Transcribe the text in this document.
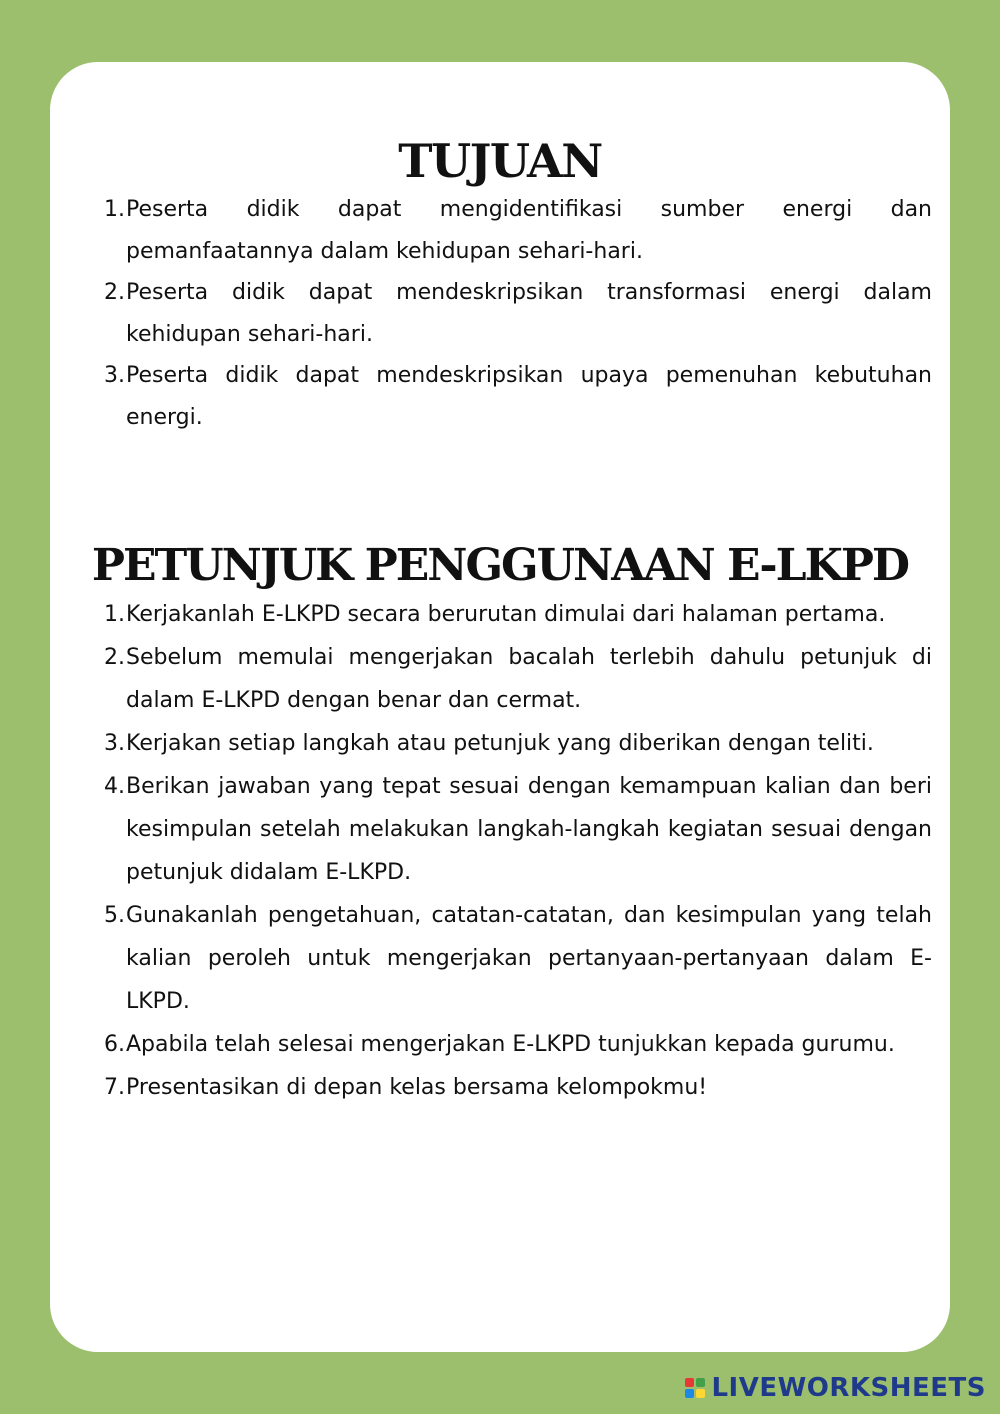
TUJUAN
1. Peserta didik dapat mengidentifikasi sumber energi dan pemanfaatannya dalam kehidupan sehari-hari.
2. Peserta didik dapat mendeskripsikan transformasi energi dalam kehidupan sehari-hari.
3. Peserta didik dapat mendeskripsikan upaya pemenuhan kebutuhan energi.
PETUNJUK PENGGUNAAN E-LKPD
1. Kerjakanlah E-LKPD secara berurutan dimulai dari halaman pertama.
2. Sebelum memulai mengerjakan bacalah terlebih dahulu petunjuk di dalam E-LKPD dengan benar dan cermat.
3. Kerjakan setiap langkah atau petunjuk yang diberikan dengan teliti.
4. Berikan jawaban yang tepat sesuai dengan kemampuan kalian dan beri kesimpulan setelah melakukan langkah-langkah kegiatan sesuai dengan petunjuk didalam E-LKPD.
5. Gunakanlah pengetahuan, catatan-catatan, dan kesimpulan yang telah kalian peroleh untuk mengerjakan pertanyaan-pertanyaan dalam E-LKPD.
6. Apabila telah selesai mengerjakan E-LKPD tunjukkan kepada gurumu.
7. Presentasikan di depan kelas bersama kelompokmu!
LIVEWORKSHEETS
